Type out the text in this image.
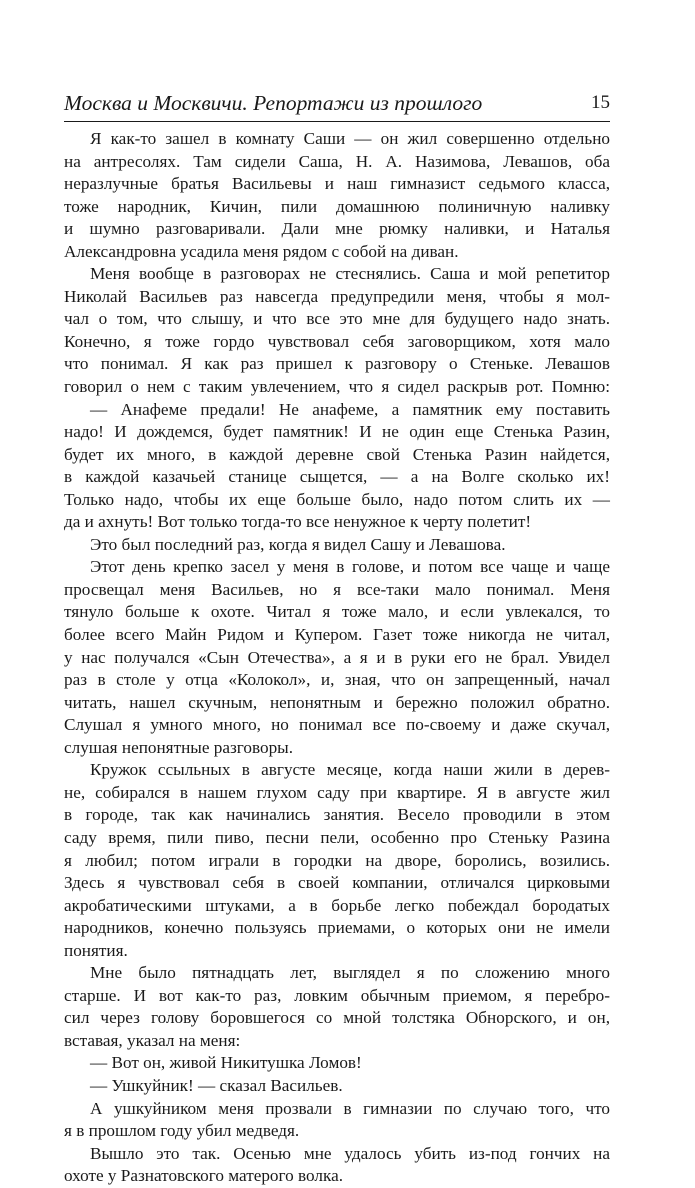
Москва и Москвичи. Репортажи из прошлого	15
Я как-то зашел в комнату Саши — он жил совершенно отдельно
на антресолях. Там сидели Саша, Н. А. Назимова, Левашов, оба
неразлучные братья Васильевы и наш гимназист седьмого класса,
тоже народник, Кичин, пили домашнюю полиничную наливку
и шумно разговаривали. Дали мне рюмку наливки, и Наталья
Александровна усадила меня рядом с собой на диван.
Меня вообще в разговорах не стеснялись. Саша и мой репетитор
Николай Васильев раз навсегда предупредили меня, чтобы я мол-
чал о том, что слышу, и что все это мне для будущего надо знать.
Конечно, я тоже гордо чувствовал себя заговорщиком, хотя мало
что понимал. Я как раз пришел к разговору о Стеньке. Левашов
говорил о нем с таким увлечением, что я сидел раскрыв рот. Помню:
— Анафеме предали! Не анафеме, а памятник ему поставить
надо! И дождемся, будет памятник! И не один еще Стенька Разин,
будет их много, в каждой деревне свой Стенька Разин найдется,
в каждой казачьей станице сыщется, — а на Волге сколько их!
Только надо, чтобы их еще больше было, надо потом слить их —
да и ахнуть! Вот только тогда-то все ненужное к черту полетит!
Это был последний раз, когда я видел Сашу и Левашова.
Этот день крепко засел у меня в голове, и потом все чаще и чаще
просвещал меня Васильев, но я все-таки мало понимал. Меня
тянуло больше к охоте. Читал я тоже мало, и если увлекался, то
более всего Майн Ридом и Купером. Газет тоже никогда не читал,
у нас получался «Сын Отечества», а я и в руки его не брал. Увидел
раз в столе у отца «Колокол», и, зная, что он запрещенный, начал
читать, нашел скучным, непонятным и бережно положил обратно.
Слушал я умного много, но понимал все по-своему и даже скучал,
слушая непонятные разговоры.
Кружок ссыльных в августе месяце, когда наши жили в дерев-
не, собирался в нашем глухом саду при квартире. Я в августе жил
в городе, так как начинались занятия. Весело проводили в этом
саду время, пили пиво, песни пели, особенно про Стеньку Разина
я любил; потом играли в городки на дворе, боролись, возились.
Здесь я чувствовал себя в своей компании, отличался цирковыми
акробатическими штуками, а в борьбе легко побеждал бородатых
народников, конечно пользуясь приемами, о которых они не имели
понятия.
Мне было пятнадцать лет, выглядел я по сложению много
старше. И вот как-то раз, ловким обычным приемом, я перебро-
сил через голову боровшегося со мной толстяка Обнорского, и он,
вставая, указал на меня:
— Вот он, живой Никитушка Ломов!
— Ушкуйник! — сказал Васильев.
А ушкуйником меня прозвали в гимназии по случаю того, что
я в прошлом году убил медведя.
Вышло это так. Осенью мне удалось убить из-под гончих на
охоте у Разнатовского матерого волка.
